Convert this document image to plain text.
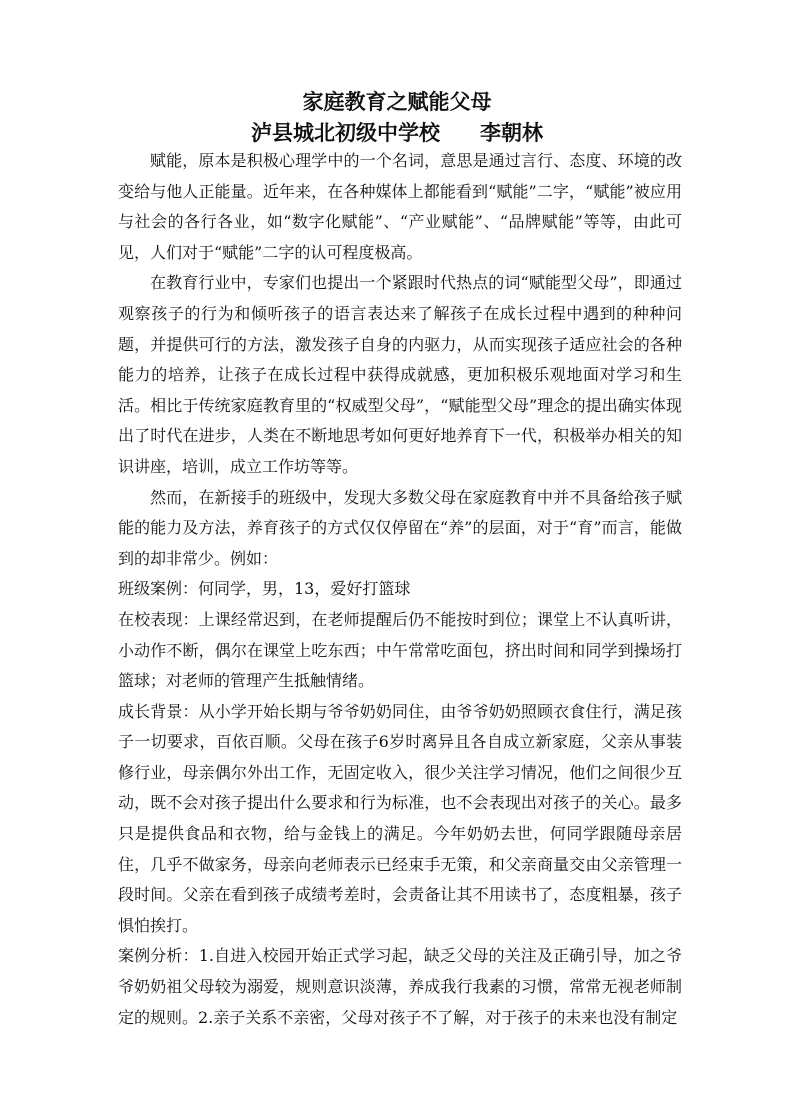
家庭教育之赋能父母
泸县城北初级中学校 李朝林

赋能，原本是积极心理学中的一个名词，意思是通过言行、态度、环境的改变给与他人正能量。近年来，在各种媒体上都能看到“赋能”二字，“赋能”被应用与社会的各行各业，如“数字化赋能”、“产业赋能”、“品牌赋能”等等，由此可见，人们对于“赋能”二字的认可程度极高。

在教育行业中，专家们也提出一个紧跟时代热点的词“赋能型父母”，即通过观察孩子的行为和倾听孩子的语言表达来了解孩子在成长过程中遇到的种种问题，并提供可行的方法，激发孩子自身的内驱力，从而实现孩子适应社会的各种能力的培养，让孩子在成长过程中获得成就感，更加积极乐观地面对学习和生活。相比于传统家庭教育里的“权威型父母”，“赋能型父母”理念的提出确实体现出了时代在进步，人类在不断地思考如何更好地养育下一代，积极举办相关的知识讲座，培训，成立工作坊等等。

然而，在新接手的班级中，发现大多数父母在家庭教育中并不具备给孩子赋能的能力及方法，养育孩子的方式仅仅停留在“养”的层面，对于“育”而言，能做到的却非常少。例如：

班级案例：何同学，男，13，爱好打篮球

在校表现：上课经常迟到，在老师提醒后仍不能按时到位；课堂上不认真听讲，小动作不断，偶尔在课堂上吃东西；中午常常吃面包，挤出时间和同学到操场打篮球；对老师的管理产生抵触情绪。

成长背景：从小学开始长期与爷爷奶奶同住，由爷爷奶奶照顾衣食住行，满足孩子一切要求，百依百顺。父母在孩子6岁时离异且各自成立新家庭，父亲从事装修行业，母亲偶尔外出工作，无固定收入，很少关注学习情况，他们之间很少互动，既不会对孩子提出什么要求和行为标准，也不会表现出对孩子的关心。最多只是提供食品和衣物，给与金钱上的满足。今年奶奶去世，何同学跟随母亲居住，几乎不做家务，母亲向老师表示已经束手无策，和父亲商量交由父亲管理一段时间。父亲在看到孩子成绩考差时，会责备让其不用读书了，态度粗暴，孩子惧怕挨打。

案例分析：1.自进入校园开始正式学习起，缺乏父母的关注及正确引导，加之爷爷奶奶祖父母较为溺爱，规则意识淡薄，养成我行我素的习惯，常常无视老师制定的规则。2.亲子关系不亲密，父母对孩子不了解，对于孩子的未来也没有制定
